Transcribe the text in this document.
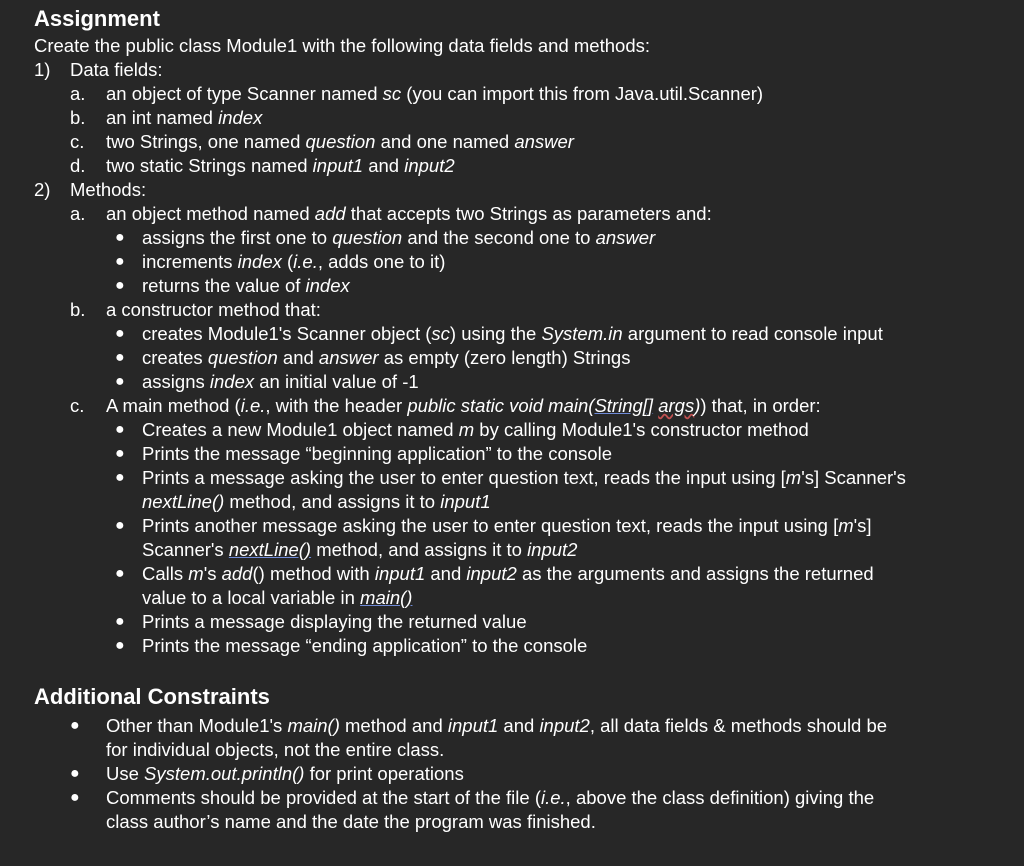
Assignment
Create the public class Module1 with the following data fields and methods:
1)	Data fields:
a.	an object of type Scanner named sc (you can import this from Java.util.Scanner)
b.	an int named index
c.	two Strings, one named question and one named answer
d.	two static Strings named input1 and input2
2)	Methods:
a.	an object method named add that accepts two Strings as parameters and:
● assigns the first one to question and the second one to answer
● increments index (i.e., adds one to it)
● returns the value of index
b.	a constructor method that:
● creates Module1's Scanner object (sc) using the System.in argument to read console input
● creates question and answer as empty (zero length) Strings
● assigns index an initial value of -1
c.	A main method (i.e., with the header public static void main(String[] args)) that, in order:
● Creates a new Module1 object named m by calling Module1's constructor method
● Prints the message “beginning application” to the console
● Prints a message asking the user to enter question text, reads the input using [m's] Scanner's
nextLine() method, and assigns it to input1
● Prints another message asking the user to enter question text, reads the input using [m's]
Scanner's nextLine() method, and assigns it to input2
● Calls m's add() method with input1 and input2 as the arguments and assigns the returned
value to a local variable in main()
● Prints a message displaying the returned value
● Prints the message “ending application” to the console
Additional Constraints
● Other than Module1's main() method and input1 and input2, all data fields & methods should be
for individual objects, not the entire class.
●	Use System.out.println() for print operations
● Comments should be provided at the start of the file (i.e., above the class definition) giving the
class author’s name and the date the program was finished.
